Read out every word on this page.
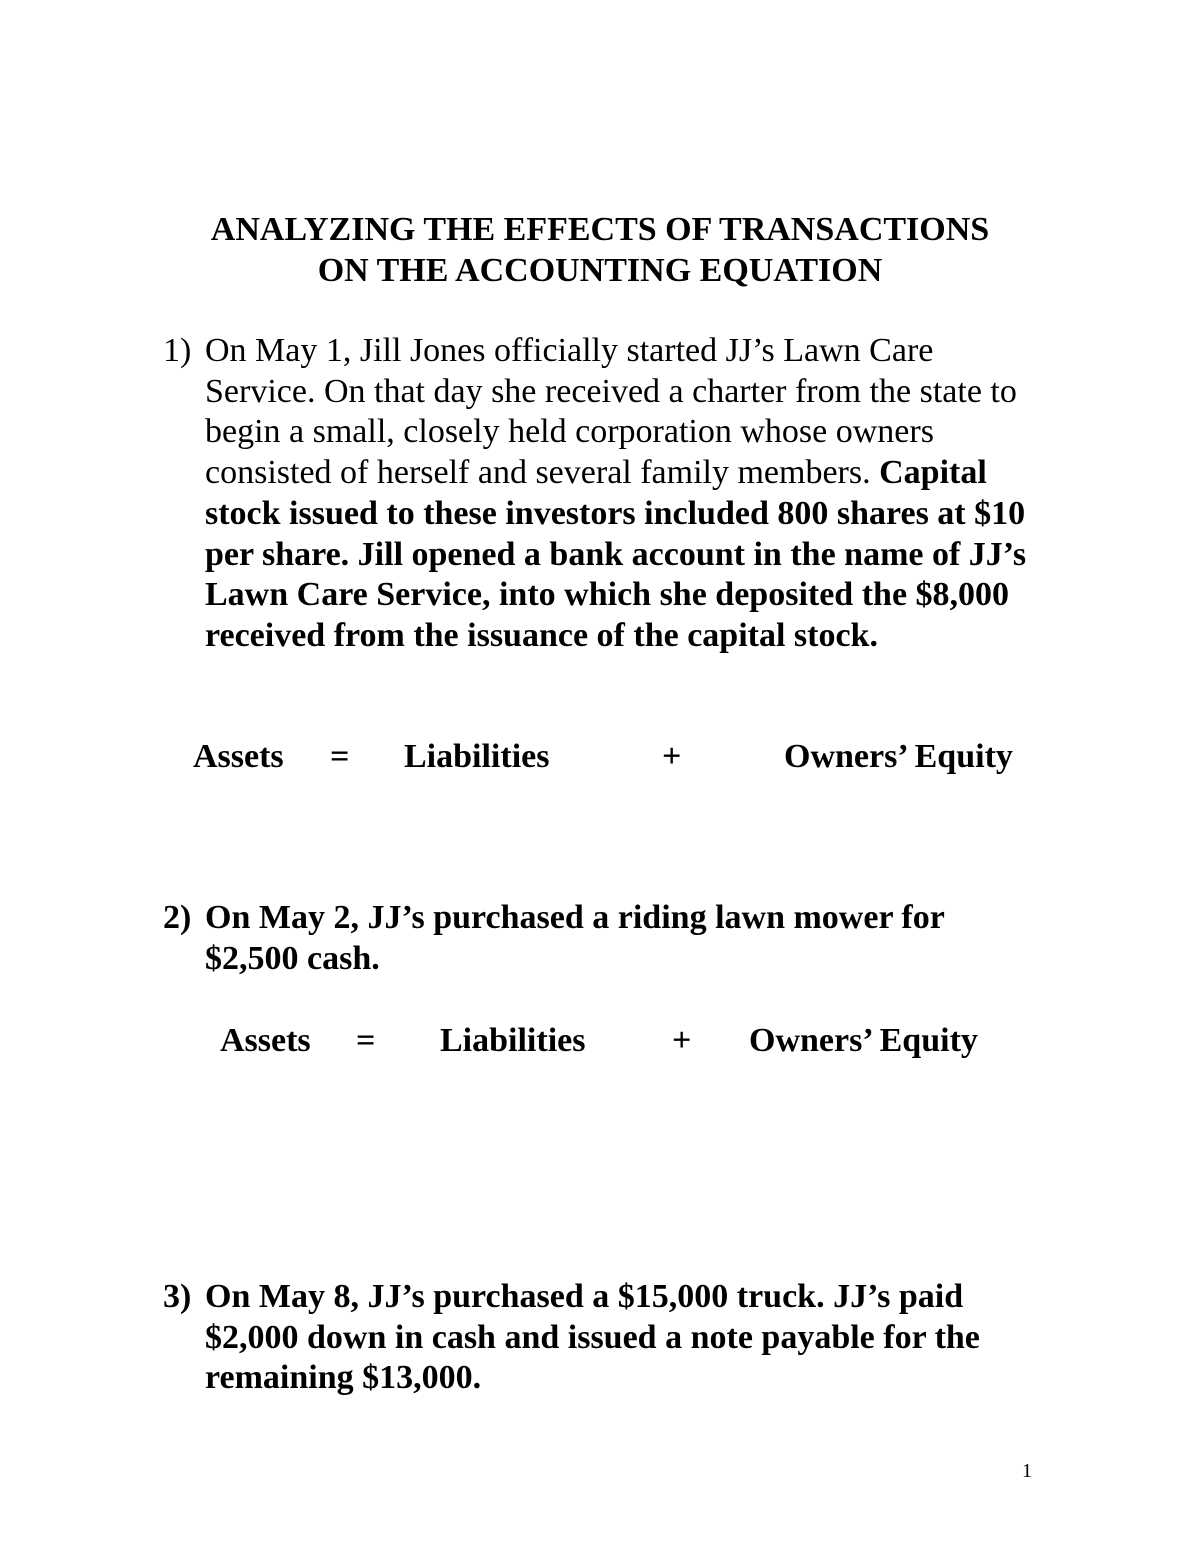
ANALYZING THE EFFECTS OF TRANSACTIONS
ON THE ACCOUNTING EQUATION
1) On May 1, Jill Jones officially started JJ’s Lawn Care Service. On that day she received a charter from the state to begin a small, closely held corporation whose owners consisted of herself and several family members. Capital stock issued to these investors included 800 shares at $10 per share. Jill opened a bank account in the name of JJ’s Lawn Care Service, into which she deposited the $8,000 received from the issuance of the capital stock.
Assets = Liabilities	+	Owners’ Equity
2) On May 2, JJ’s purchased a riding lawn mower for $2,500 cash.
Assets = Liabilities	+ Owners’ Equity
3) On May 8, JJ’s purchased a $15,000 truck. JJ’s paid $2,000 down in cash and issued a note payable for the remaining $13,000.
1
